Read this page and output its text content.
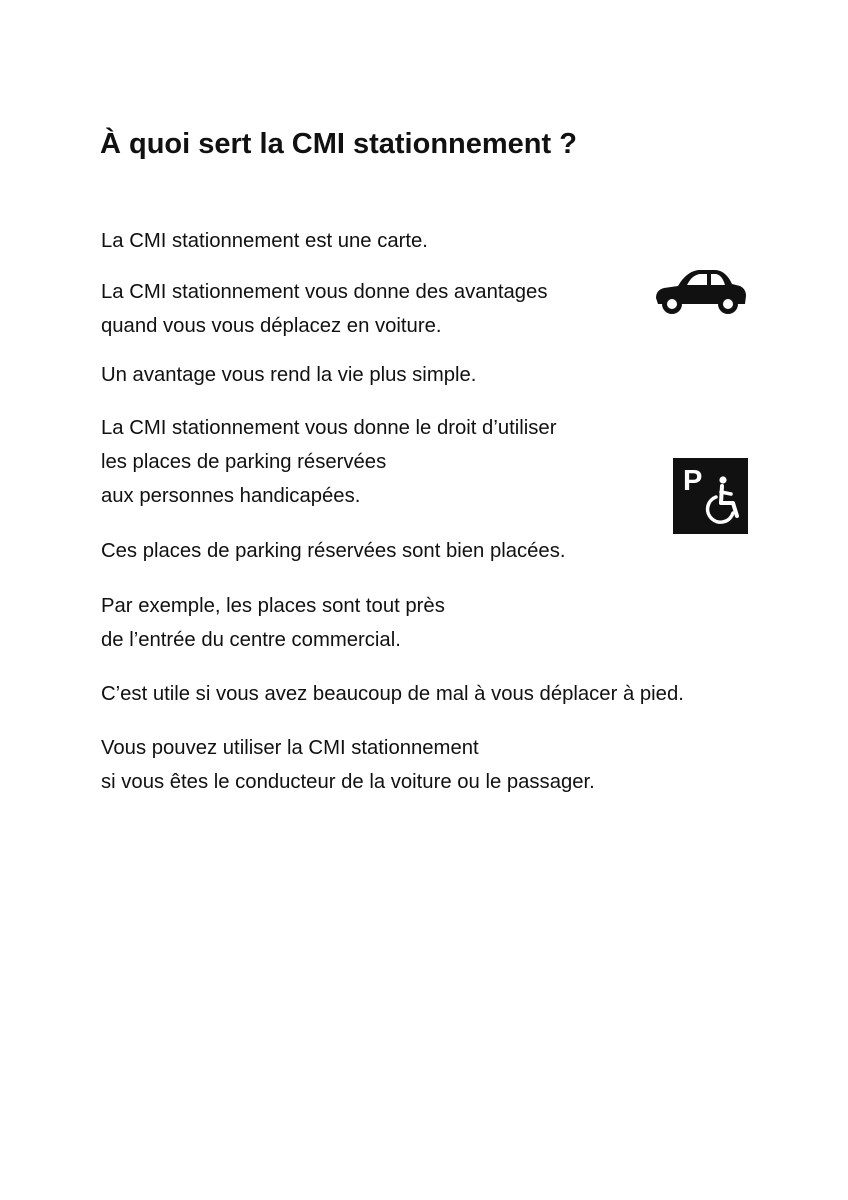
À quoi sert la CMI stationnement ?
La CMI stationnement est une carte.
La CMI stationnement vous donne des avantages
quand vous vous déplacez en voiture.
Un avantage vous rend la vie plus simple.
La CMI stationnement vous donne le droit d’utiliser
les places de parking réservées
aux personnes handicapées.
Ces places de parking réservées sont bien placées.
Par exemple, les places sont tout près
de l’entrée du centre commercial.
C’est utile si vous avez beaucoup de mal à vous déplacer à pied.
Vous pouvez utiliser la CMI stationnement
si vous êtes le conducteur de la voiture ou le passager.
P
